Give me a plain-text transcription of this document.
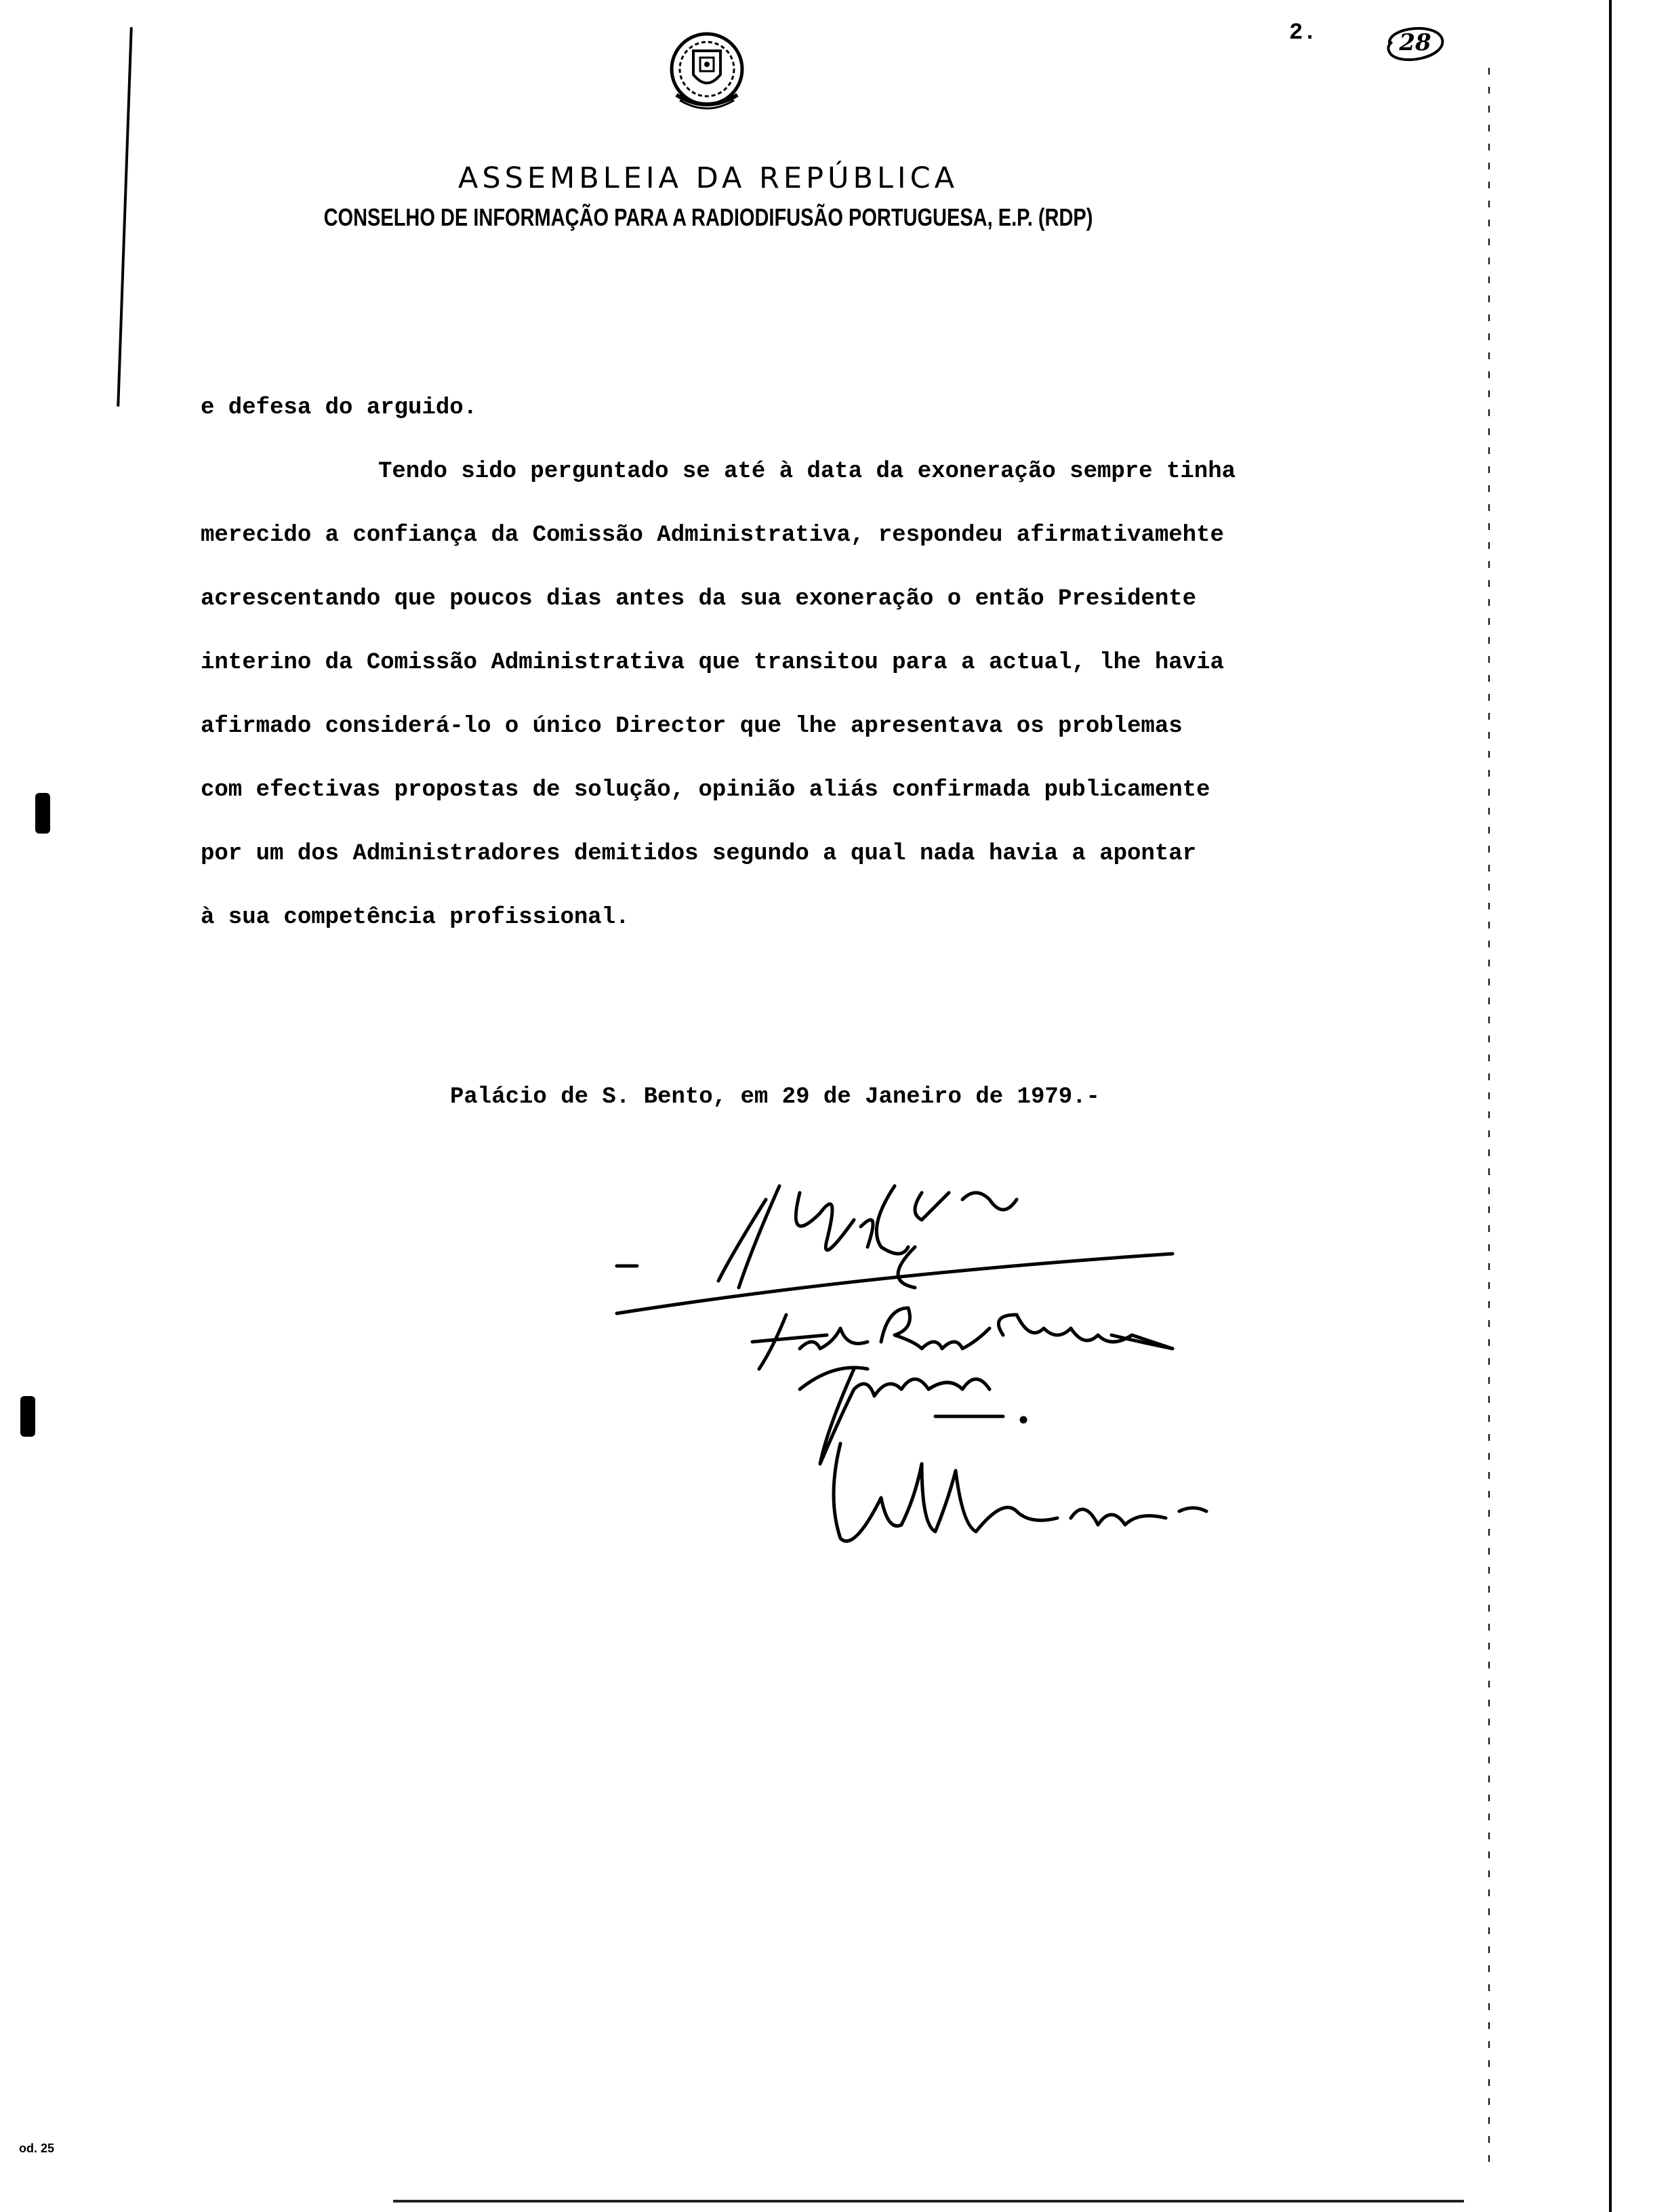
2.	28
ASSEMBLEIA DA REPÚBLICA
CONSELHO DE INFORMAÇÃO PARA A RADIODIFUSÃO PORTUGUESA, E.P. (RDP)
e defesa do arguido.
Tendo sido perguntado se até à data da exoneração sempre tinha
merecido a confiança da Comissão Administrativa, respondeu afirmativamehte
acrescentando que poucos dias antes da sua exoneração o então Presidente
interino da Comissão Administrativa que transitou para a actual, lhe havia
afirmado considerá-lo o único Director que lhe apresentava os problemas
com efectivas propostas de solução, opinião aliás confirmada publicamente
por um dos Administradores demitidos segundo a qual nada havia a apontar
à sua competência profissional.
Palácio de S. Bento, em 29 de Janeiro de 1979.-
od. 25
